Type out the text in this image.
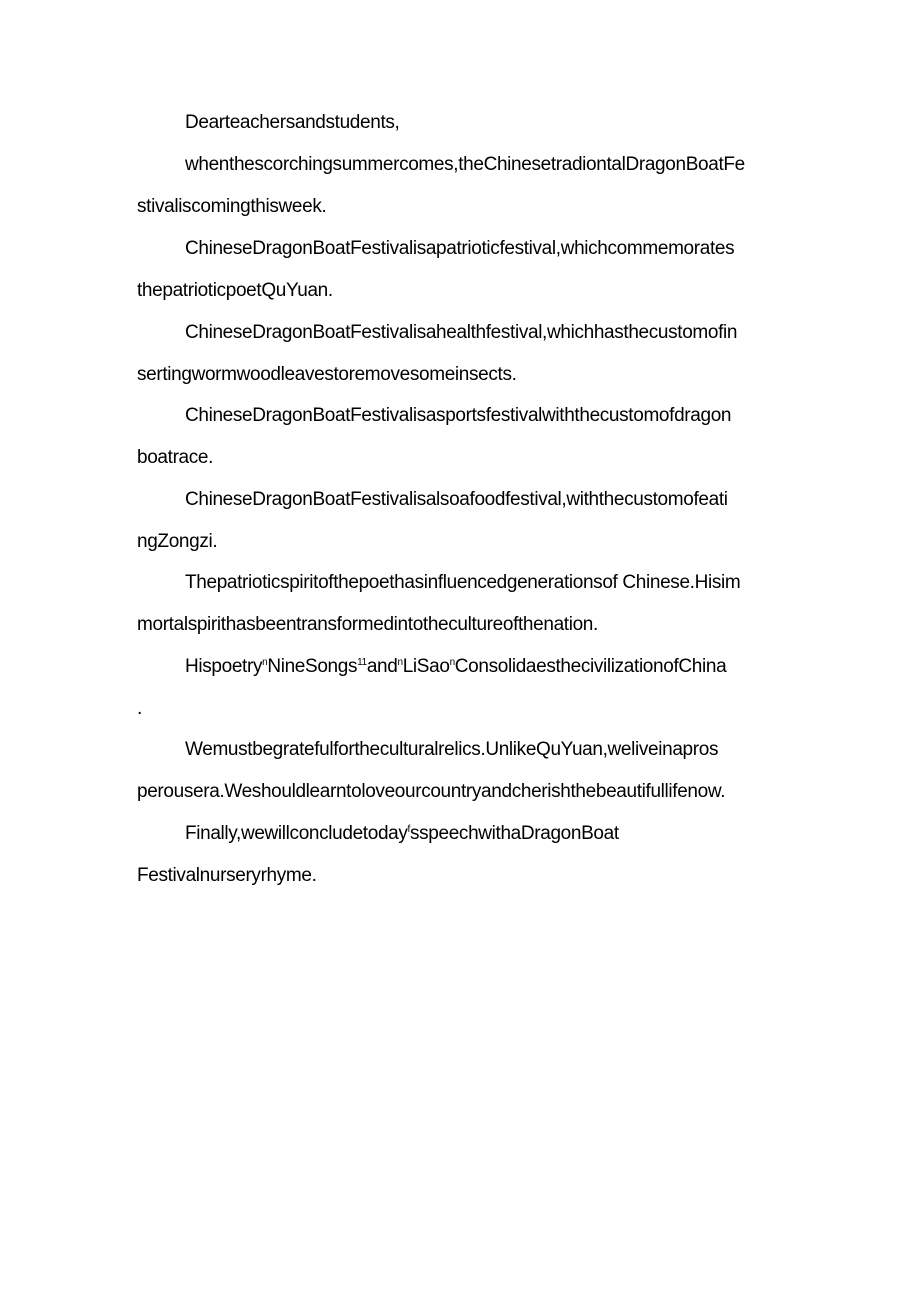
Dearteachersandstudents,
whenthescorchingsummercomes,theChinesetradiontalDragonBoatFe
stivaliscomingthisweek.
ChineseDragonBoatFestivalisapatrioticfestival,whichcommemorates
thepatrioticpoetQuYuan.
ChineseDragonBoatFestivalisahealthfestival,whichhasthecustomofin
sertingwormwoodleavestoremovesomeinsects.
ChineseDragonBoatFestivalisasportsfestivalwiththecustomofdragon
boatrace.
ChineseDragonBoatFestivalisalsoafoodfestival,withthecustomofeati
ngZongzi.
Thepatrioticspiritofthepoethasinfluencedgenerationsof Chinese.Hisim
mortalspirithasbeentransformedintothecultureofthenation.
Hispoetry$^n$NineSongs$^{11}$and$^n$LiSao$^n$ConsolidaesthecivilizationofChina
.
Wemustbegratefulfortheculturalrelics.UnlikeQuYuan,weliveinapros
perousera.Weshouldlearntoloveourcountryandcherishthebeautifullifenow.
Finally,wewillconcludetoday$^f$sspeechwithaDragonBoat
Festivalnurseryrhyme.
